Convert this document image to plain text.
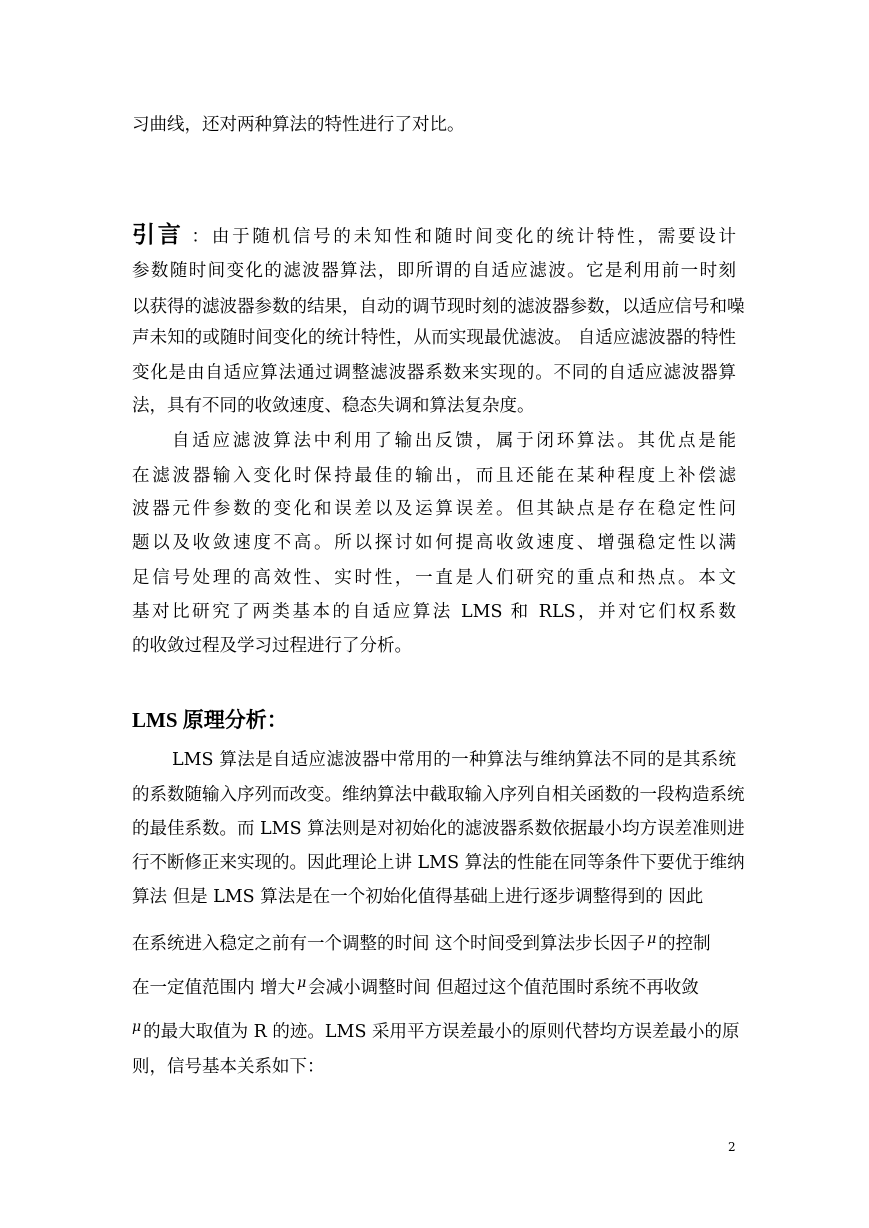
习曲线，还对两种算法的特性进行了对比。
引言 ：由于随机信号的未知性和随时间变化的统计特性，需要设计
参数随时间变化的滤波器算法，即所谓的自适应滤波。它是利用前一时刻
以获得的滤波器参数的结果，自动的调节现时刻的滤波器参数，以适应信号和噪
声未知的或随时间变化的统计特性，从而实现最优滤波。 自适应滤波器的特性
变化是由自适应算法通过调整滤波器系数来实现的。不同的自适应滤波器算
法，具有不同的收敛速度、稳态失调和算法复杂度。
自适应滤波算法中利用了输出反馈，属于闭环算法。其优点是能
在滤波器输入变化时保持最佳的输出，而且还能在某种程度上补偿滤
波器元件参数的变化和误差以及运算误差。但其缺点是存在稳定性问
题以及收敛速度不高。所以探讨如何提高收敛速度、增强稳定性以满
足信号处理的高效性、实时性，一直是人们研究的重点和热点。本文
基对比研究了两类基本的自适应算法 LMS 和 RLS，并对它们权系数
的收敛过程及学习过程进行了分析。
LMS 原理分析：
LMS 算法是自适应滤波器中常用的一种算法与维纳算法不同的是其系统
的系数随输入序列而改变。维纳算法中截取输入序列自相关函数的一段构造系统
的最佳系数。而 LMS 算法则是对初始化的滤波器系数依据最小均方误差准则进
行不断修正来实现的。因此理论上讲 LMS 算法的性能在同等条件下要优于维纳
算法 但是 LMS 算法是在一个初始化值得基础上进行逐步调整得到的 因此
在系统进入稳定之前有一个调整的时间 这个时间受到算法步长因子 $^\mu$ 的控制
在一定值范围内 增大 $^\mu$ 会减小调整时间 但超过这个值范围时系统不再收敛
$^\mu$ 的最大取值为 R 的迹。LMS 采用平方误差最小的原则代替均方误差最小的原
则，信号基本关系如下：
2
